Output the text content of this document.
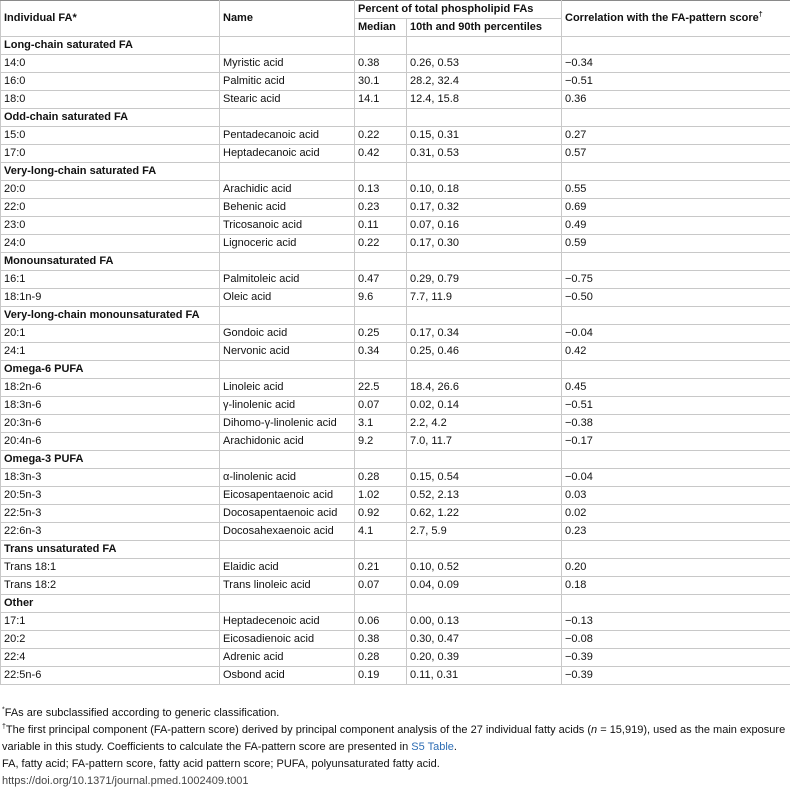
Individual FA*	Name	Percent of total phospholipid FAs		Correlation with the FA-pattern score†
		Median	10th and 90th percentiles	
Long-chain saturated FA				
14:0	Myristic acid	0.38	0.26, 0.53	−0.34
16:0	Palmitic acid	30.1	28.2, 32.4	−0.51
18:0	Stearic acid	14.1	12.4, 15.8	0.36
Odd-chain saturated FA				
15:0	Pentadecanoic acid	0.22	0.15, 0.31	0.27
17:0	Heptadecanoic acid	0.42	0.31, 0.53	0.57
Very-long-chain saturated FA				
20:0	Arachidic acid	0.13	0.10, 0.18	0.55
22:0	Behenic acid	0.23	0.17, 0.32	0.69
23:0	Tricosanoic acid	0.11	0.07, 0.16	0.49
24:0	Lignoceric acid	0.22	0.17, 0.30	0.59
Monounsaturated FA				
16:1	Palmitoleic acid	0.47	0.29, 0.79	−0.75
18:1n-9	Oleic acid	9.6	7.7, 11.9	−0.50
Very-long-chain monounsaturated FA				
20:1	Gondoic acid	0.25	0.17, 0.34	−0.04
24:1	Nervonic acid	0.34	0.25, 0.46	0.42
Omega-6 PUFA				
18:2n-6	Linoleic acid	22.5	18.4, 26.6	0.45
18:3n-6	γ-linolenic acid	0.07	0.02, 0.14	−0.51
20:3n-6	Dihomo-γ-linolenic acid	3.1	2.2, 4.2	−0.38
20:4n-6	Arachidonic acid	9.2	7.0, 11.7	−0.17
Omega-3 PUFA				
18:3n-3	α-linolenic acid	0.28	0.15, 0.54	−0.04
20:5n-3	Eicosapentaenoic acid	1.02	0.52, 2.13	0.03
22:5n-3	Docosapentaenoic acid	0.92	0.62, 1.22	0.02
22:6n-3	Docosahexaenoic acid	4.1	2.7, 5.9	0.23
Trans unsaturated FA				
Trans 18:1	Elaidic acid	0.21	0.10, 0.52	0.20
Trans 18:2	Trans linoleic acid	0.07	0.04, 0.09	0.18
Other				
17:1	Heptadecenoic acid	0.06	0.00, 0.13	−0.13
20:2	Eicosadienoic acid	0.38	0.30, 0.47	−0.08
22:4	Adrenic acid	0.28	0.20, 0.39	−0.39
22:5n-6	Osbond acid	0.19	0.11, 0.31	−0.39

*FAs are subclassified according to generic classification.

†The first principal component (FA-pattern score) derived by principal component analysis of the 27 individual fatty acids (n = 15,919), used as the main exposure variable in this study. Coefficients to calculate the FA-pattern score are presented in S5 Table.

FA, fatty acid; FA-pattern score, fatty acid pattern score; PUFA, polyunsaturated fatty acid.

https://doi.org/10.1371/journal.pmed.1002409.t001
